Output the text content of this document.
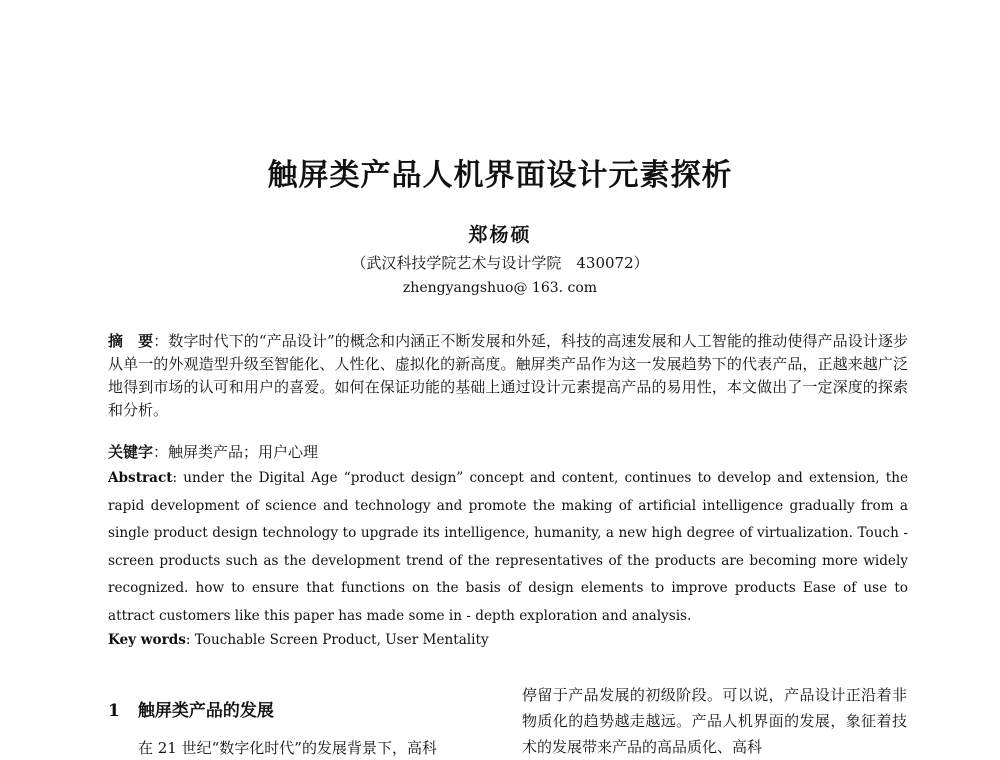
触屏类产品人机界面设计元素探析
郑杨硕
（武汉科技学院艺术与设计学院　430072）
zhengyangshuo@ 163. com
摘　要：数字时代下的“产品设计”的概念和内涵正不断发展和外延，科技的高速发展和人工智能的推动使得产品设计逐步从单一的外观造型升级至智能化、人性化、虚拟化的新高度。触屏类产品作为这一发展趋势下的代表产品，正越来越广泛地得到市场的认可和用户的喜爱。如何在保证功能的基础上通过设计元素提高产品的易用性，本文做出了一定深度的探索和分析。
关键字：触屏类产品；用户心理
Abstract: under the Digital Age “product design” concept and content, continues to develop and extension, the rapid development of science and technology and promote the making of artificial intelligence gradually from a single product design technology to upgrade its intelligence, humanity, a new high degree of virtualization. Touch - screen products such as the development trend of the representatives of the products are becoming more widely recognized. how to ensure that functions on the basis of design elements to improve products Ease of use to attract customers like this paper has made some in - depth exploration and analysis.
Key words: Touchable Screen Product, User Mentality
1 触屏类产品的发展
在 21 世纪“数字化时代”的发展背景下，高科
停留于产品发展的初级阶段。可以说，产品设计正沿着非物质化的趋势越走越远。产品人机界面的发展，象征着技术的发展带来产品的高品质化、高科
